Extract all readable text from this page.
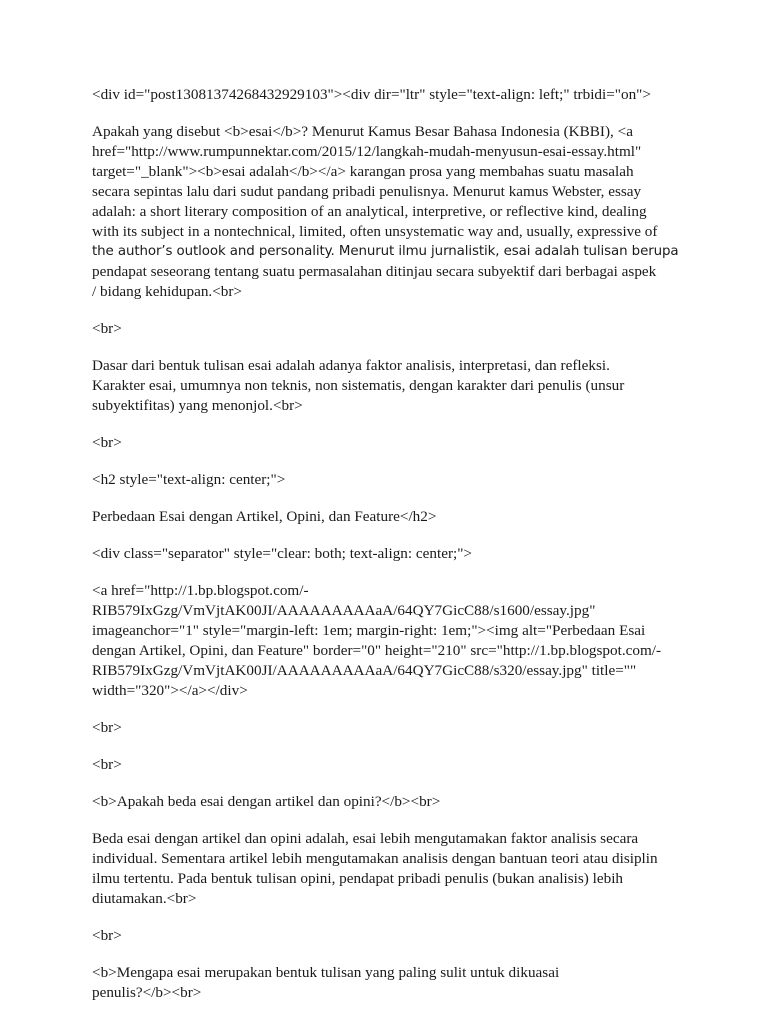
<div id="post13081374268432929103"><div dir="ltr" style="text-align: left;" trbidi="on">

Apakah yang disebut <b>esai</b>? Menurut Kamus Besar Bahasa Indonesia (KBBI), <a
href="http://www.rumpunnektar.com/2015/12/langkah-mudah-menyusun-esai-essay.html"
target="_blank"><b>esai adalah</b></a> karangan prosa yang membahas suatu masalah
secara sepintas lalu dari sudut pandang pribadi penulisnya. Menurut kamus Webster, essay
adalah: a short literary composition of an analytical, interpretive, or reflective kind, dealing
with its subject in a nontechnical, limited, often unsystematic way and, usually, expressive of
the author’s outlook and personality. Menurut ilmu jurnalistik, esai adalah tulisan berupa
pendapat seseorang tentang suatu permasalahan ditinjau secara subyektif dari berbagai aspek
/ bidang kehidupan.<br>

<br>

Dasar dari bentuk tulisan esai adalah adanya faktor analisis, interpretasi, dan refleksi.
Karakter esai, umumnya non teknis, non sistematis, dengan karakter dari penulis (unsur
subyektifitas) yang menonjol.<br>

<br>

<h2 style="text-align: center;">

Perbedaan Esai dengan Artikel, Opini, dan Feature</h2>

<div class="separator" style="clear: both; text-align: center;">

<a href="http://1.bp.blogspot.com/-
RIB579IxGzg/VmVjtAK00JI/AAAAAAAAAaA/64QY7GicC88/s1600/essay.jpg"
imageanchor="1" style="margin-left: 1em; margin-right: 1em;"><img alt="Perbedaan Esai
dengan Artikel, Opini, dan Feature" border="0" height="210" src="http://1.bp.blogspot.com/-
RIB579IxGzg/VmVjtAK00JI/AAAAAAAAAaA/64QY7GicC88/s320/essay.jpg" title=""
width="320"></a></div>

<br>

<br>

<b>Apakah beda esai dengan artikel dan opini?</b><br>

Beda esai dengan artikel dan opini adalah, esai lebih mengutamakan faktor analisis secara
individual. Sementara artikel lebih mengutamakan analisis dengan bantuan teori atau disiplin
ilmu tertentu. Pada bentuk tulisan opini, pendapat pribadi penulis (bukan analisis) lebih
diutamakan.<br>

<br>

<b>Mengapa esai merupakan bentuk tulisan yang paling sulit untuk dikuasai
penulis?</b><br>
